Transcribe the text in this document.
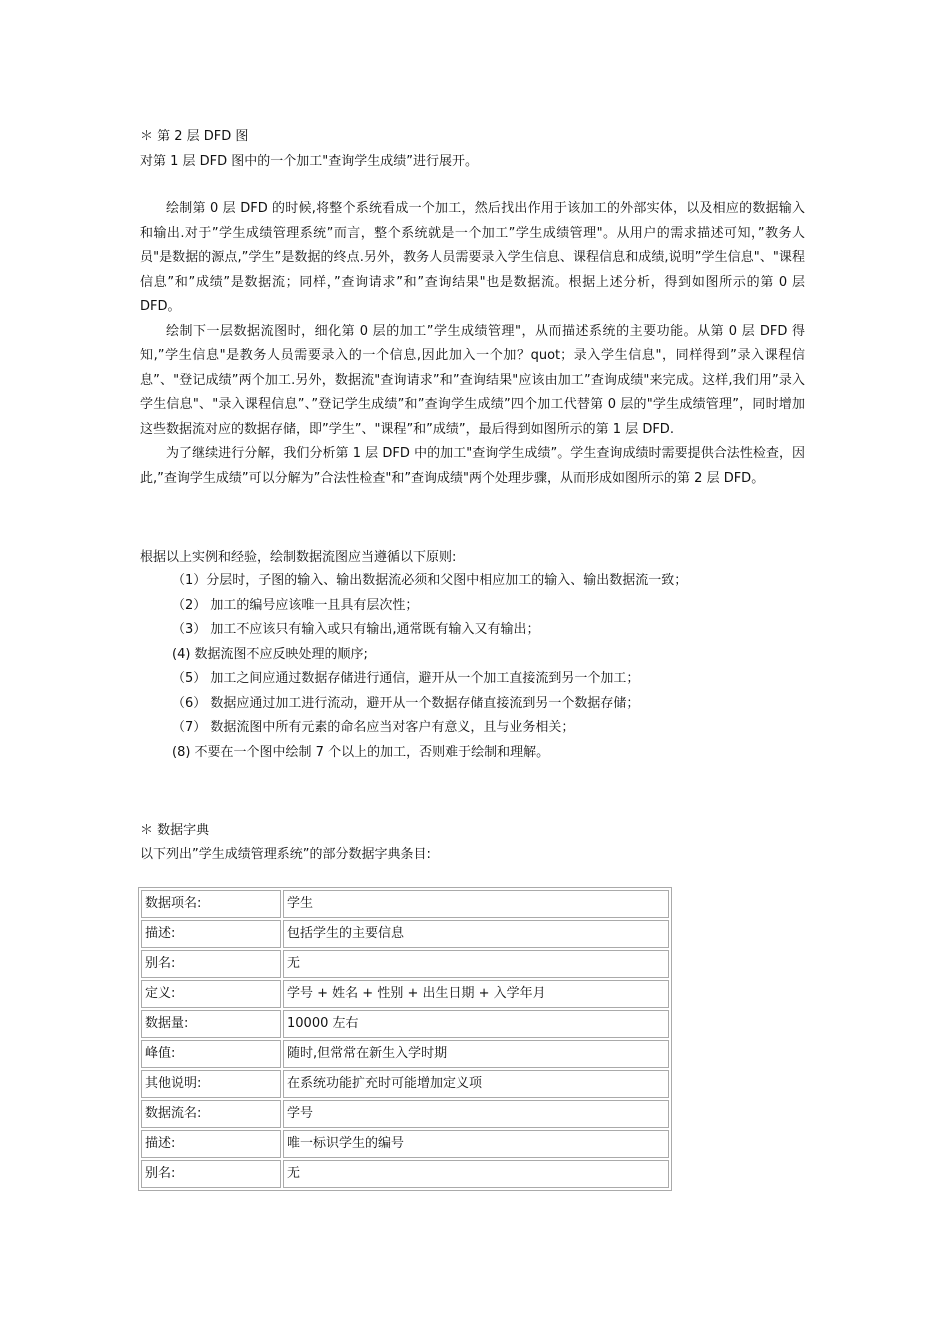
＊ 第 2 层 DFD 图
对第 1 层 DFD 图中的一个加工"查询学生成绩”进行展开。

绘制第 0 层 DFD 的时候,将整个系统看成一个加工，然后找出作用于该加工的外部实体，以及相应的数据输入和输出.对于”学生成绩管理系统”而言，整个系统就是一个加工”学生成绩管理"。从用户的需求描述可知，”教务人员"是数据的源点,”学生”是数据的终点.另外，教务人员需要录入学生信息、课程信息和成绩,说明”学生信息"、"课程信息”和”成绩”是数据流；同样，”查询请求”和”查询结果"也是数据流。根据上述分析，得到如图所示的第 0 层 DFD。

绘制下一层数据流图时，细化第 0 层的加工”学生成绩管理"，从而描述系统的主要功能。从第 0 层 DFD 得知,”学生信息"是教务人员需要录入的一个信息,因此加入一个加？quot；录入学生信息"，同样得到”录入课程信息”、"登记成绩”两个加工.另外，数据流"查询请求”和”查询结果"应该由加工”查询成绩"来完成。这样,我们用”录入学生信息"、"录入课程信息”、”登记学生成绩”和”查询学生成绩”四个加工代替第 0 层的"学生成绩管理”，同时增加这些数据流对应的数据存储，即”学生”、"课程”和”成绩”，最后得到如图所示的第 1 层 DFD.

为了继续进行分解，我们分析第 1 层 DFD 中的加工"查询学生成绩”。学生查询成绩时需要提供合法性检查，因此,”查询学生成绩”可以分解为”合法性检查"和”查询成绩"两个处理步骤，从而形成如图所示的第 2 层 DFD。

根据以上实例和经验，绘制数据流图应当遵循以下原则:
（1）分层时，子图的输入、输出数据流必须和父图中相应加工的输入、输出数据流一致；
（2） 加工的编号应该唯一且具有层次性；
（3） 加工不应该只有输入或只有输出,通常既有输入又有输出；
(4) 数据流图不应反映处理的顺序;
（5） 加工之间应通过数据存储进行通信，避开从一个加工直接流到另一个加工；
（6） 数据应通过加工进行流动，避开从一个数据存储直接流到另一个数据存储；
（7） 数据流图中所有元素的命名应当对客户有意义，且与业务相关；
(8) 不要在一个图中绘制 7 个以上的加工，否则难于绘制和理解。
＊ 数据字典
以下列出”学生成绩管理系统”的部分数据字典条目:
数据项名:	学生
描述:	包括学生的主要信息
别名:	无
定义:	学号 + 姓名 + 性别 + 出生日期 + 入学年月
数据量:	10000 左右
峰值:	随时,但常常在新生入学时期
其他说明:	在系统功能扩充时可能增加定义项
数据流名:	学号
描述:	唯一标识学生的编号
别名:	无
